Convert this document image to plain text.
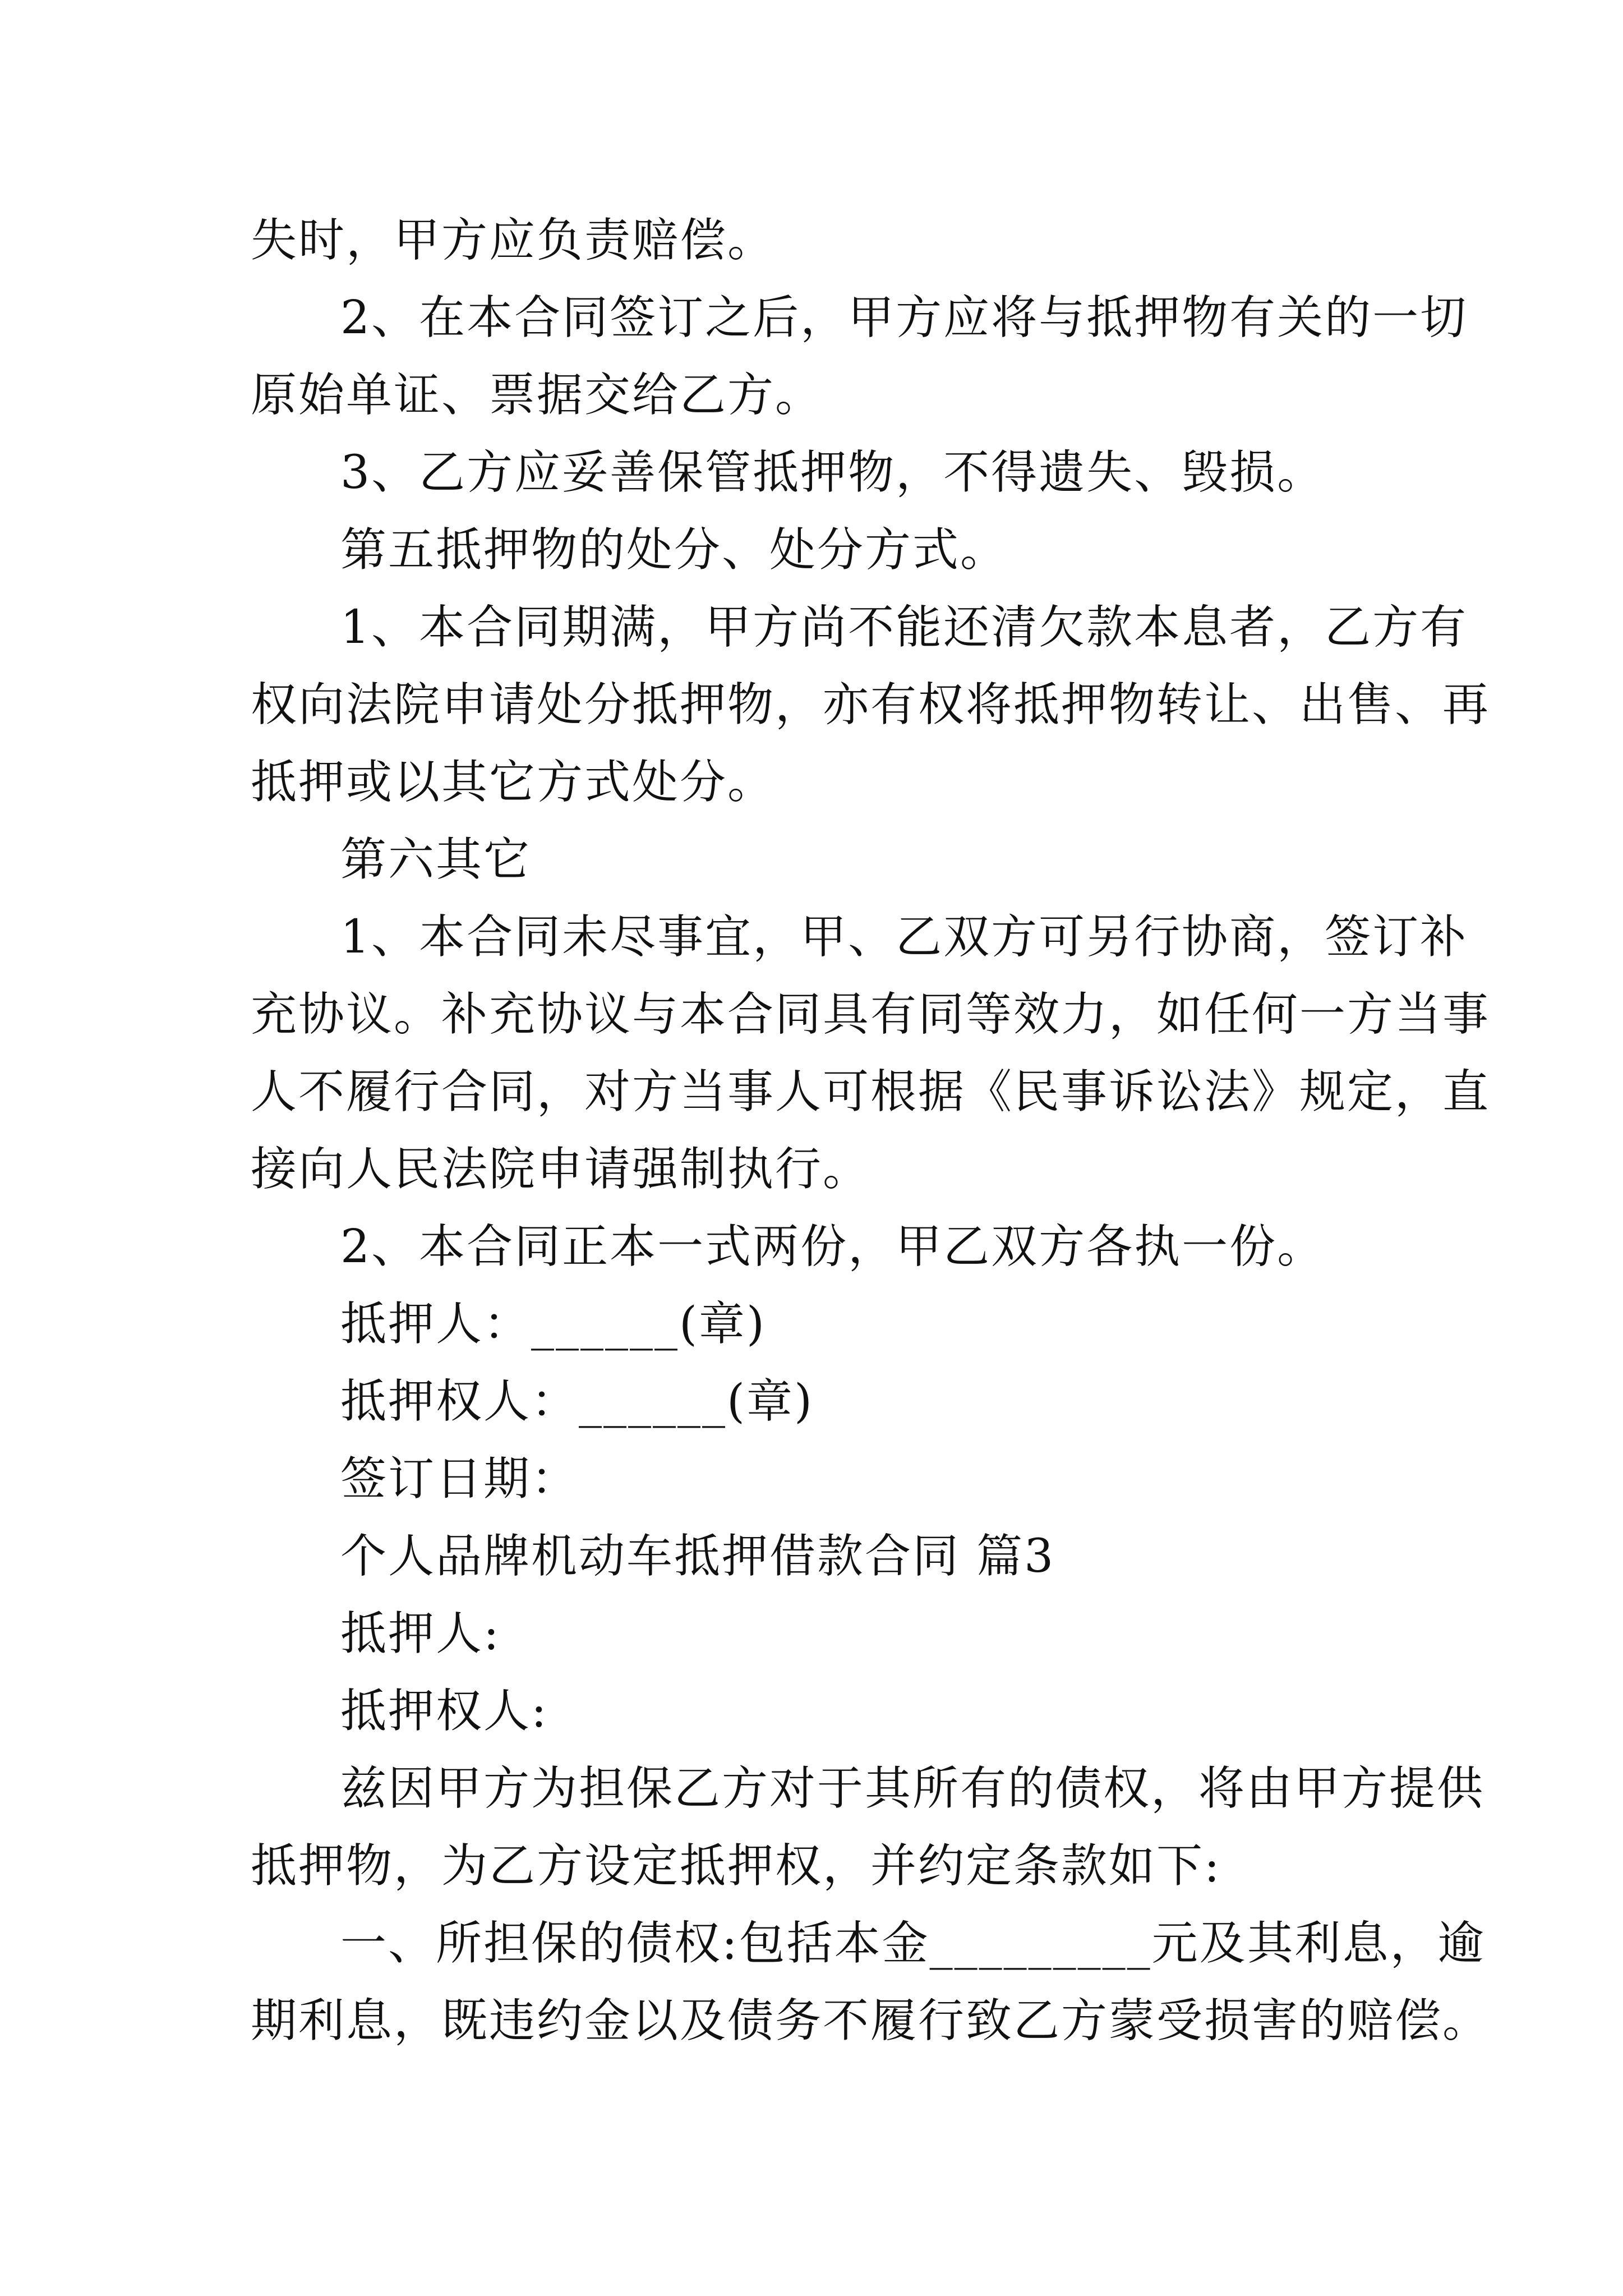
失时，甲方应负责赔偿。
2、在本合同签订之后，甲方应将与抵押物有关的一切
原始单证、票据交给乙方。
3、乙方应妥善保管抵押物，不得遗失、毁损。
第五抵押物的处分、处分方式。
1、本合同期满，甲方尚不能还清欠款本息者，乙方有
权向法院申请处分抵押物，亦有权将抵押物转让、出售、再
抵押或以其它方式处分。
第六其它
1、本合同未尽事宜，甲、乙双方可另行协商，签订补
充协议。补充协议与本合同具有同等效力，如任何一方当事
人不履行合同，对方当事人可根据《民事诉讼法》规定，直
接向人民法院申请强制执行。
2、本合同正本一式两份，甲乙双方各执一份。
抵押人：______(章)
抵押权人：______(章)
签订日期：
个人品牌机动车抵押借款合同 篇3
抵押人:
抵押权人:
兹因甲方为担保乙方对于其所有的债权，将由甲方提供
抵押物，为乙方设定抵押权，并约定条款如下:
一、所担保的债权:包括本金_________元及其利息，逾
期利息，既违约金以及债务不履行致乙方蒙受损害的赔偿。
